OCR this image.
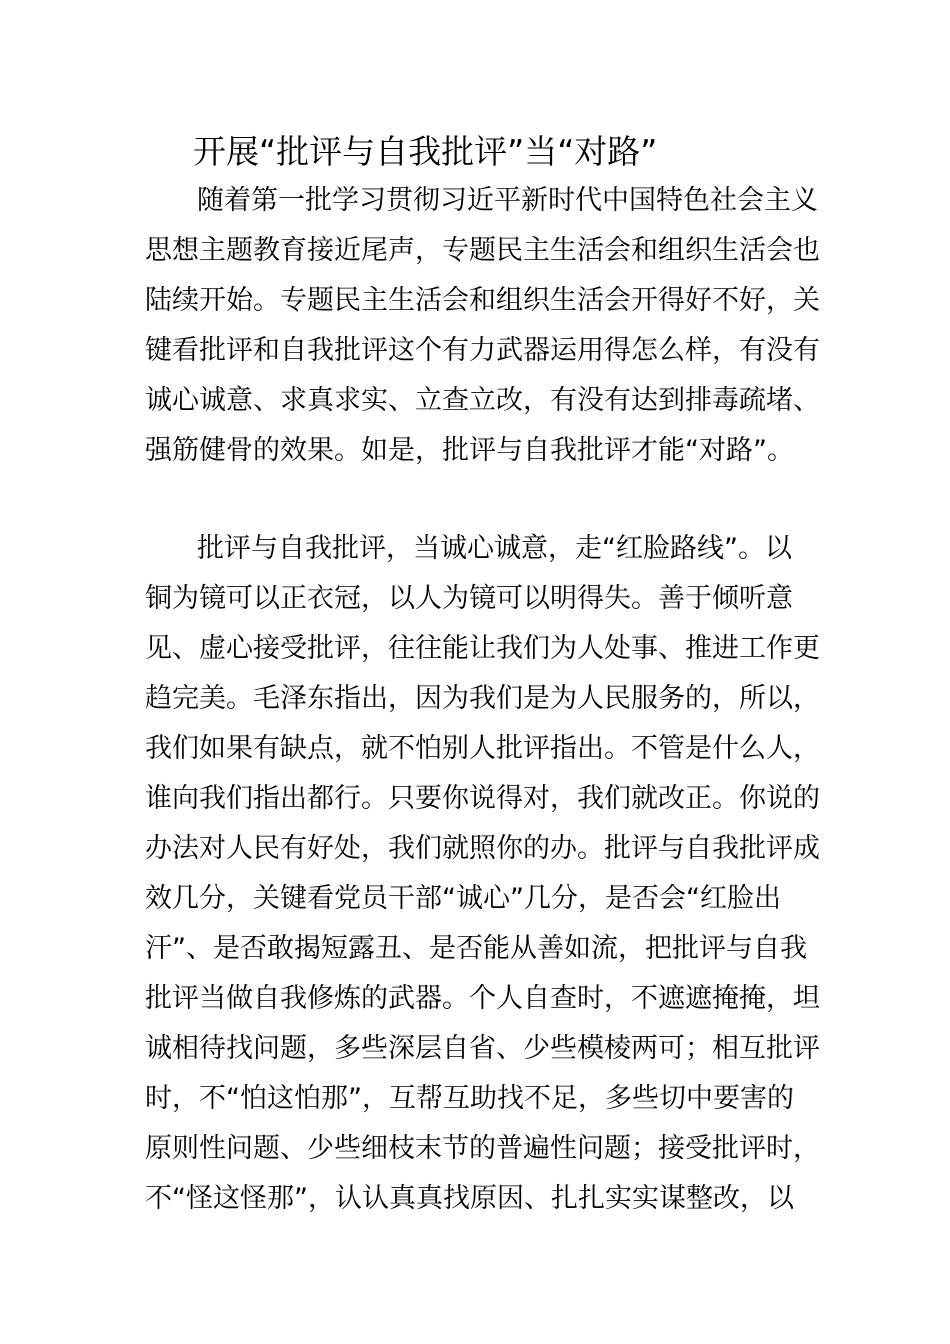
开展“批评与自我批评”当“对路”
随着第一批学习贯彻习近平新时代中国特色社会主义
思想主题教育接近尾声，专题民主生活会和组织生活会也
陆续开始。专题民主生活会和组织生活会开得好不好，关
键看批评和自我批评这个有力武器运用得怎么样，有没有
诚心诚意、求真求实、立查立改，有没有达到排毒疏堵、
强筋健骨的效果。如是，批评与自我批评才能“对路”。
批评与自我批评，当诚心诚意，走“红脸路线”。以
铜为镜可以正衣冠，以人为镜可以明得失。善于倾听意
见、虚心接受批评，往往能让我们为人处事、推进工作更
趋完美。毛泽东指出，因为我们是为人民服务的，所以，
我们如果有缺点，就不怕别人批评指出。不管是什么人，
谁向我们指出都行。只要你说得对，我们就改正。你说的
办法对人民有好处，我们就照你的办。批评与自我批评成
效几分，关键看党员干部“诚心”几分，是否会“红脸出
汗”、是否敢揭短露丑、是否能从善如流，把批评与自我
批评当做自我修炼的武器。个人自查时，不遮遮掩掩，坦
诚相待找问题，多些深层自省、少些模棱两可；相互批评
时，不“怕这怕那”，互帮互助找不足，多些切中要害的
原则性问题、少些细枝末节的普遍性问题；接受批评时，
不“怪这怪那”，认认真真找原因、扎扎实实谋整改，以
